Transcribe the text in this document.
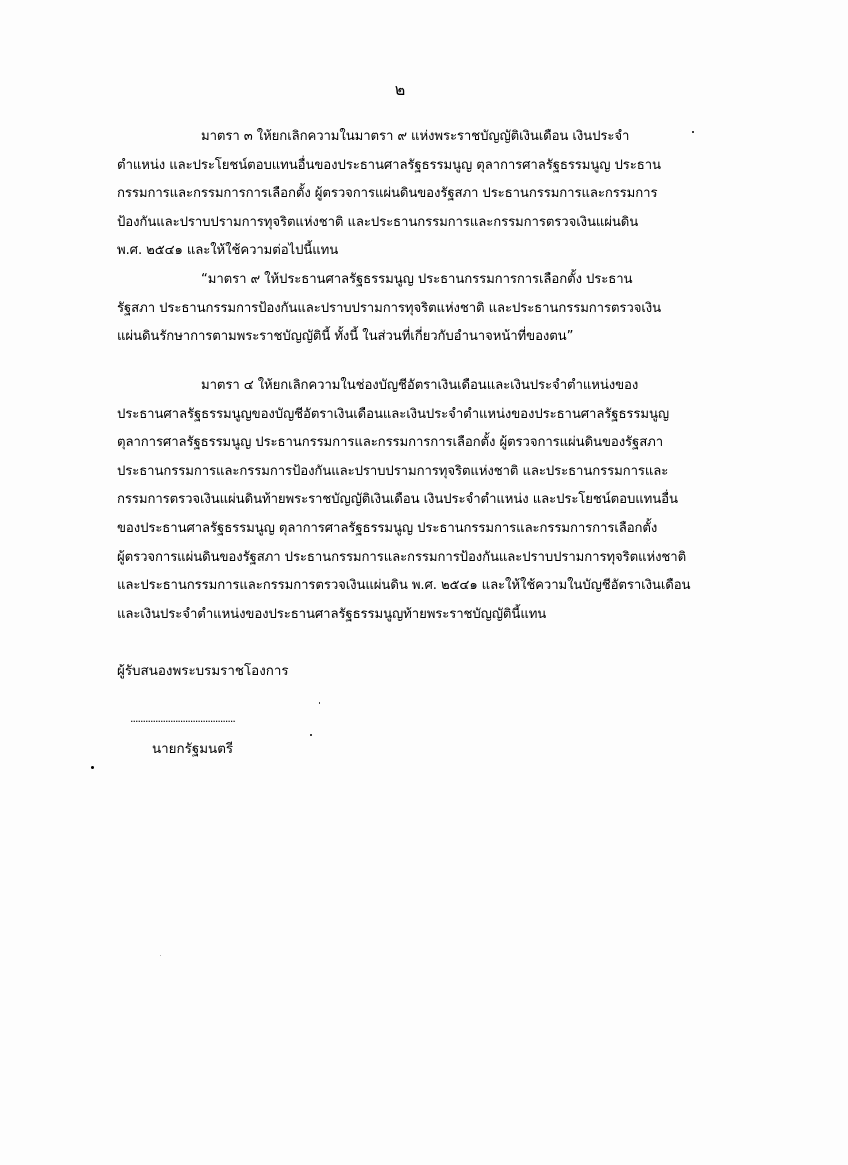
๒
มาตรา ๓ ให้ยกเลิกความในมาตรา ๙ แห่งพระราชบัญญัติเงินเดือน เงินประจำ
ตำแหน่ง และประโยชน์ตอบแทนอื่นของประธานศาลรัฐธรรมนูญ ตุลาการศาลรัฐธรรมนูญ ประธาน
กรรมการและกรรมการการเลือกตั้ง ผู้ตรวจการแผ่นดินของรัฐสภา ประธานกรรมการและกรรมการ
ป้องกันและปราบปรามการทุจริตแห่งชาติ และประธานกรรมการและกรรมการตรวจเงินแผ่นดิน
พ.ศ. ๒๕๔๑ และให้ใช้ความต่อไปนี้แทน
“มาตรา ๙ ให้ประธานศาลรัฐธรรมนูญ ประธานกรรมการการเลือกตั้ง ประธาน
รัฐสภา ประธานกรรมการป้องกันและปราบปรามการทุจริตแห่งชาติ และประธานกรรมการตรวจเงิน
แผ่นดินรักษาการตามพระราชบัญญัตินี้ ทั้งนี้ ในส่วนที่เกี่ยวกับอำนาจหน้าที่ของตน”
มาตรา ๔ ให้ยกเลิกความในช่องบัญชีอัตราเงินเดือนและเงินประจำตำแหน่งของ
ประธานศาลรัฐธรรมนูญของบัญชีอัตราเงินเดือนและเงินประจำตำแหน่งของประธานศาลรัฐธรรมนูญ
ตุลาการศาลรัฐธรรมนูญ ประธานกรรมการและกรรมการการเลือกตั้ง ผู้ตรวจการแผ่นดินของรัฐสภา
ประธานกรรมการและกรรมการป้องกันและปราบปรามการทุจริตแห่งชาติ และประธานกรรมการและ
กรรมการตรวจเงินแผ่นดินท้ายพระราชบัญญัติเงินเดือน เงินประจำตำแหน่ง และประโยชน์ตอบแทนอื่น
ของประธานศาลรัฐธรรมนูญ ตุลาการศาลรัฐธรรมนูญ ประธานกรรมการและกรรมการการเลือกตั้ง
ผู้ตรวจการแผ่นดินของรัฐสภา ประธานกรรมการและกรรมการป้องกันและปราบปรามการทุจริตแห่งชาติ
และประธานกรรมการและกรรมการตรวจเงินแผ่นดิน พ.ศ. ๒๕๔๑ และให้ใช้ความในบัญชีอัตราเงินเดือน
และเงินประจำตำแหน่งของประธานศาลรัฐธรรมนูญท้ายพระราชบัญญัตินี้แทน
ผู้รับสนองพระบรมราชโองการ
..........................................
นายกรัฐมนตรี
